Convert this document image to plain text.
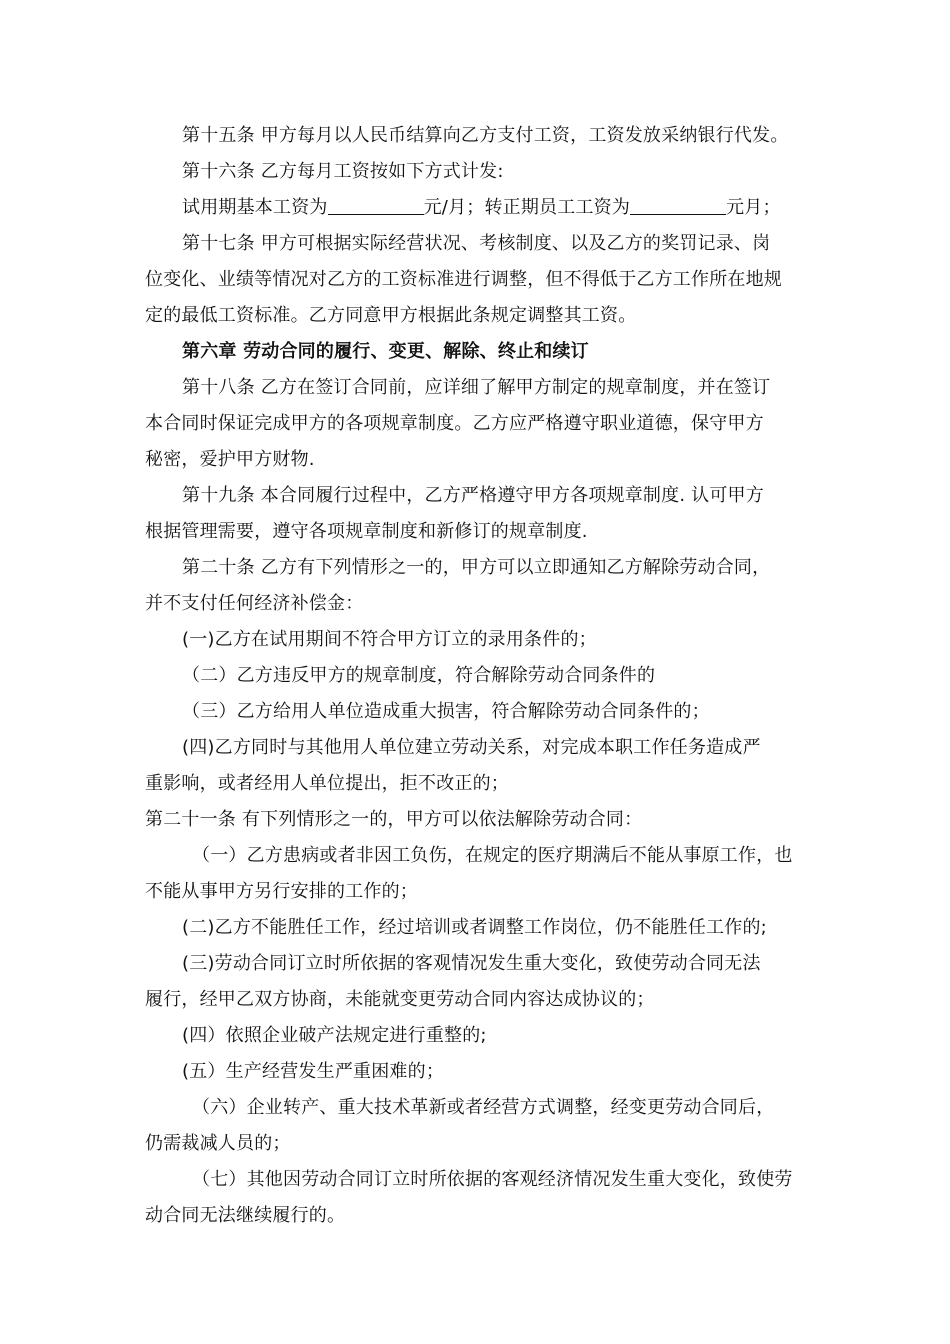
第十五条 甲方每月以人民币结算向乙方支付工资，工资发放采纳银行代发。
第十六条 乙方每月工资按如下方式计发:
试用期基本工资为	元/月；转正期员工工资为	元月；
第十七条 甲方可根据实际经营状况、考核制度、以及乙方的奖罚记录、岗
位变化、业绩等情况对乙方的工资标准进行调整，但不得低于乙方工作所在地规
定的最低工资标准。乙方同意甲方根据此条规定调整其工资。
第六章 劳动合同的履行、变更、解除、终止和续订
第十八条 乙方在签订合同前，应详细了解甲方制定的规章制度，并在签订
本合同时保证完成甲方的各项规章制度。乙方应严格遵守职业道德，保守甲方
秘密，爱护甲方财物.
第十九条 本合同履行过程中，乙方严格遵守甲方各项规章制度. 认可甲方
根据管理需要，遵守各项规章制度和新修订的规章制度.
第二十条 乙方有下列情形之一的，甲方可以立即通知乙方解除劳动合同，
并不支付任何经济补偿金：
(一)乙方在试用期间不符合甲方订立的录用条件的；
（二）乙方违反甲方的规章制度，符合解除劳动合同条件的
（三）乙方给用人单位造成重大损害，符合解除劳动合同条件的；
(四)乙方同时与其他用人单位建立劳动关系，对完成本职工作任务造成严
重影响，或者经用人单位提出，拒不改正的；
第二十一条 有下列情形之一的，甲方可以依法解除劳动合同：
（一）乙方患病或者非因工负伤，在规定的医疗期满后不能从事原工作，也
不能从事甲方另行安排的工作的；
(二)乙方不能胜任工作，经过培训或者调整工作岗位，仍不能胜任工作的;
(三)劳动合同订立时所依据的客观情况发生重大变化，致使劳动合同无法
履行，经甲乙双方协商，未能就变更劳动合同内容达成协议的；
(四）依照企业破产法规定进行重整的;
(五）生产经营发生严重困难的；
（六）企业转产、重大技术革新或者经营方式调整，经变更劳动合同后，
仍需裁减人员的；
（七）其他因劳动合同订立时所依据的客观经济情况发生重大变化，致使劳
动合同无法继续履行的。
